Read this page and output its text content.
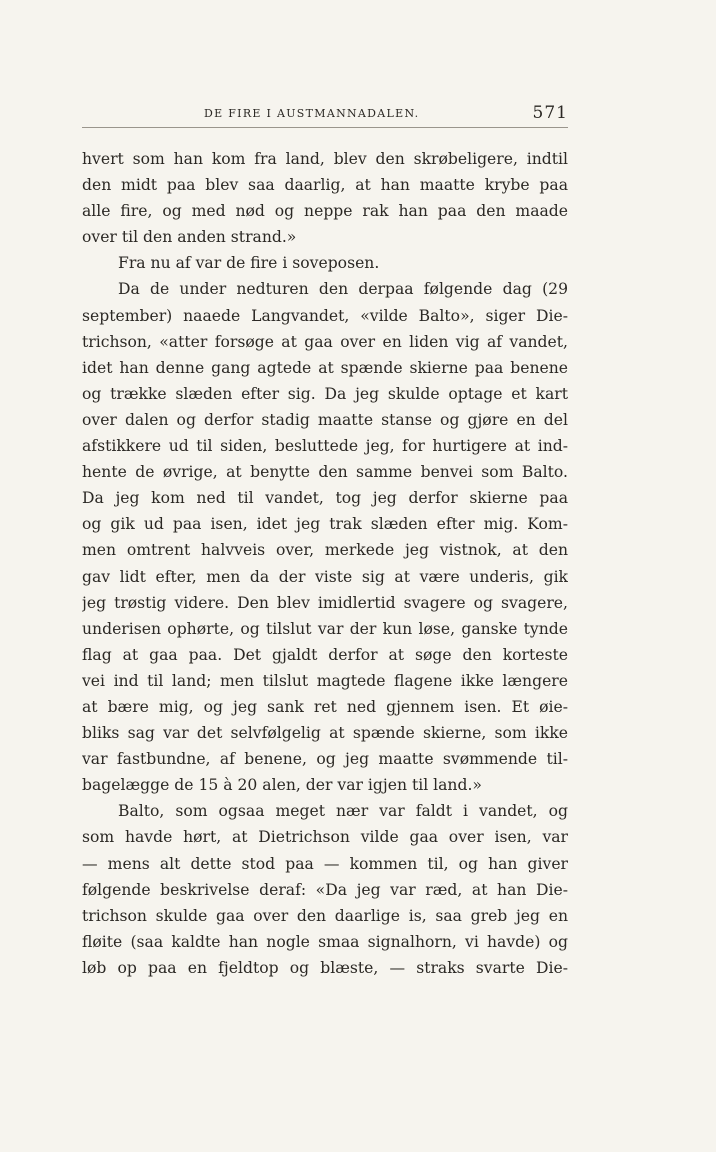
DE FIRE I AUSTMANNADALEN.	571
hvert som han kom fra land, blev den skrøbeligere, indtil
den midt paa blev saa daarlig, at han maatte krybe paa
alle fire, og med nød og neppe rak han paa den maade
over til den anden strand.»
Fra nu af var de fire i soveposen.
Da de under nedturen den derpaa følgende dag (29
september) naaede Langvandet, «vilde Balto», siger Die-
trichson, «atter forsøge at gaa over en liden vig af vandet,
idet han denne gang agtede at spænde skierne paa benene
og trække slæden efter sig. Da jeg skulde optage et kart
over dalen og derfor stadig maatte stanse og gjøre en del
afstikkere ud til siden, besluttede jeg, for hurtigere at ind-
hente de øvrige, at benytte den samme benvei som Balto.
Da jeg kom ned til vandet, tog jeg derfor skierne paa
og gik ud paa isen, idet jeg trak slæden efter mig. Kom-
men omtrent halvveis over, merkede jeg vistnok, at den
gav lidt efter, men da der viste sig at være underis, gik
jeg trøstig videre. Den blev imidlertid svagere og svagere,
underisen ophørte, og tilslut var der kun løse, ganske tynde
flag at gaa paa. Det gjaldt derfor at søge den korteste
vei ind til land; men tilslut magtede flagene ikke længere
at bære mig, og jeg sank ret ned gjennem isen. Et øie-
bliks sag var det selvfølgelig at spænde skierne, som ikke
var fastbundne, af benene, og jeg maatte svømmende til-
bagelægge de 15 à 20 alen, der var igjen til land.»
Balto, som ogsaa meget nær var faldt i vandet, og
som havde hørt, at Dietrichson vilde gaa over isen, var
— mens alt dette stod paa — kommen til, og han giver
følgende beskrivelse deraf: «Da jeg var ræd, at han Die-
trichson skulde gaa over den daarlige is, saa greb jeg en
fløite (saa kaldte han nogle smaa signalhorn, vi havde) og
løb op paa en fjeldtop og blæste, — straks svarte Die-
